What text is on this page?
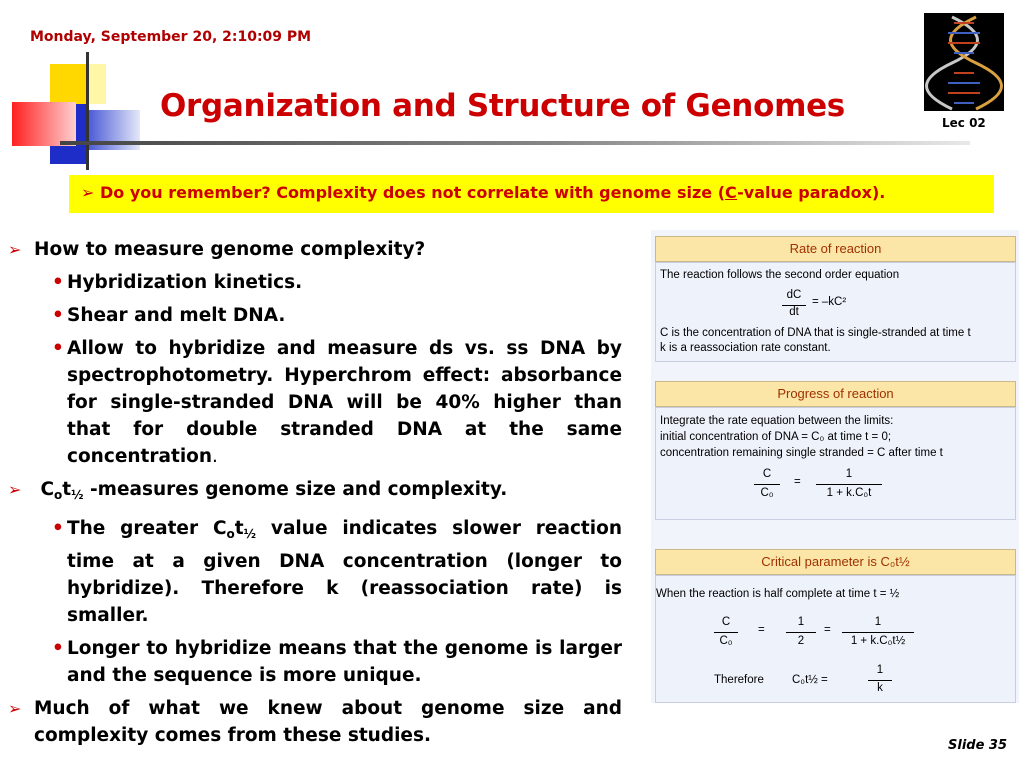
Monday, September 20, 2:10:09 PM
Organization and Structure of Genomes	Lec 02
➢ Do you remember? Complexity does not correlate with genome size (C-value paradox).
➢ How to measure genome complexity?
• Hybridization kinetics.
• Shear and melt DNA.
• Allow to hybridize and measure ds vs. ss DNA by spectrophotometry. Hyperchrom effect: absorbance for single-stranded DNA will be 40% higher than that for double stranded DNA at the same concentration.
➢ $C_ot_{\frac{1}{2}}$ -measures genome size and complexity.
• The greater $C_ot_{\frac{1}{2}}$ value indicates slower reaction time at a given DNA concentration (longer to hybridize). Therefore k (reassociation rate) is smaller.
• Longer to hybridize means that the genome is larger and the sequence is more unique.
➢ Much of what we knew about genome size and complexity comes from these studies.
Rate of reaction
The reaction follows the second order equation
dC
dt
= –kC²
C is the concentration of DNA that is single-stranded at time t
k is a reassociation rate constant.
Progress of reaction
Integrate the rate equation between the limits:
initial concentration of DNA = C₀ at time t = 0;
concentration remaining single stranded = C after time t
C
C₀
=
1
1 + k.C₀t
Critical parameter is C₀t½
When the reaction is half complete at time t = ½
C
C₀
=
1
2
=
1
1 + k.C₀t½
Therefore C₀t½ =
1
k
Slide 35
